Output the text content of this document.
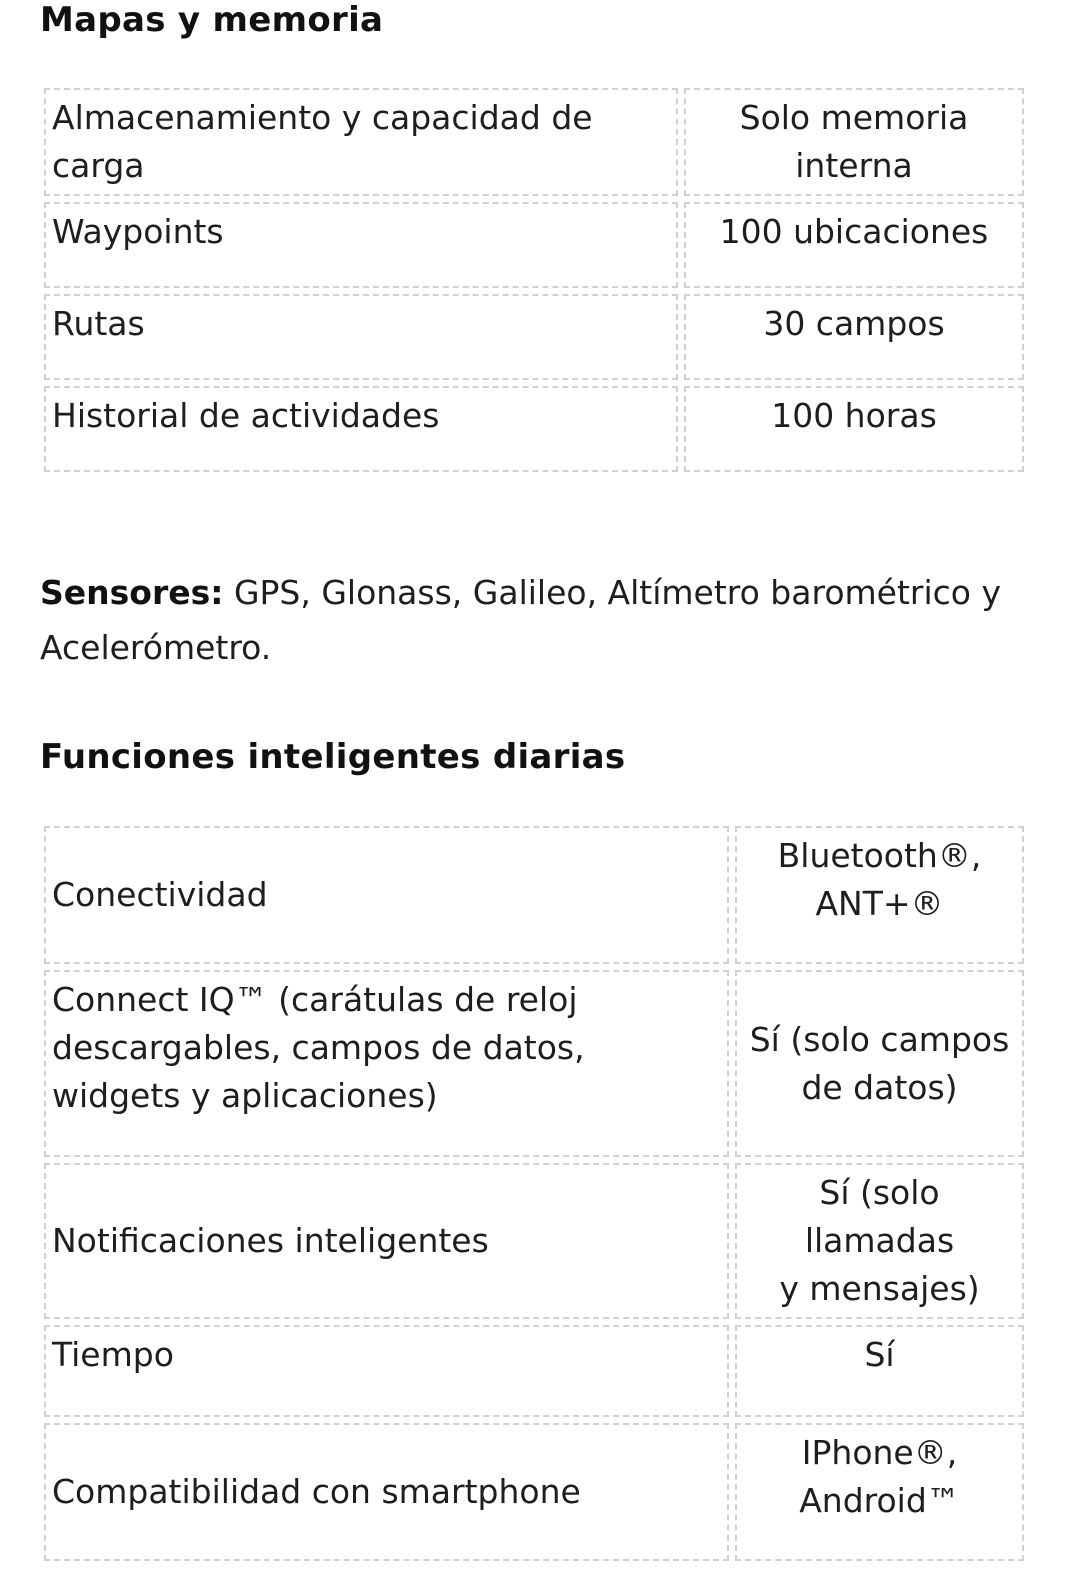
Mapas y memoria
Almacenamiento y capacidad de carga	Solo memoria interna
Waypoints	100 ubicaciones
Rutas	30 campos
Historial de actividades	100 horas

Sensores: GPS, Glonass, Galileo, Altímetro barométrico y Acelerómetro.

Funciones inteligentes diarias
Conectividad	Bluetooth®,
ANT+®
Connect IQ™ (carátulas de reloj descargables, campos de datos, widgets y aplicaciones)	Sí (solo campos
de datos)
Notificaciones inteligentes	Sí (solo llamadas
y mensajes)
Tiempo	Sí
Compatibilidad con smartphone	IPhone®,
Android™
